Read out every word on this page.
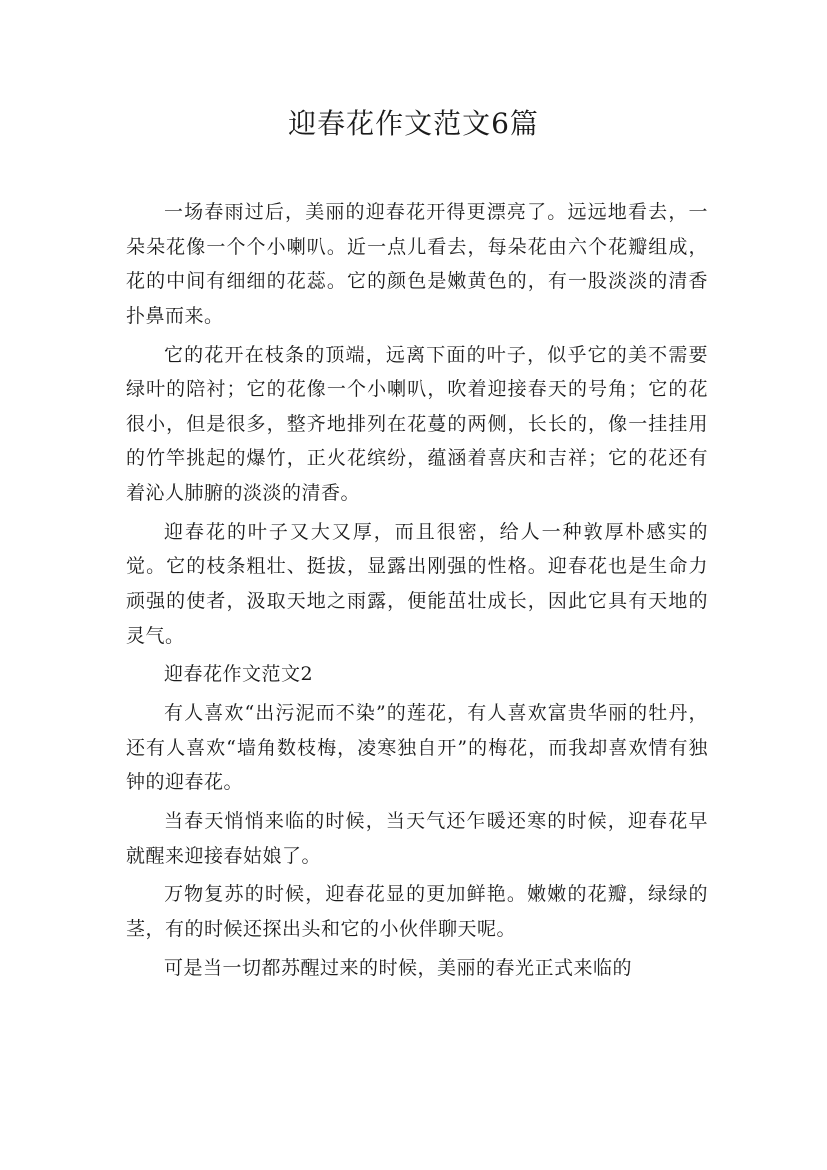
迎春花作文范文6篇

一场春雨过后，美丽的迎春花开得更漂亮了。远远地看去，一朵朵花像一个个小喇叭。近一点儿看去，每朵花由六个花瓣组成，花的中间有细细的花蕊。它的颜色是嫩黄色的，有一股淡淡的清香扑鼻而来。

它的花开在枝条的顶端，远离下面的叶子，似乎它的美不需要绿叶的陪衬；它的花像一个小喇叭，吹着迎接春天的号角；它的花很小，但是很多，整齐地排列在花蔓的两侧，长长的，像一挂挂用的竹竿挑起的爆竹，正火花缤纷，蕴涵着喜庆和吉祥；它的花还有着沁人肺腑的淡淡的清香。

迎春花的叶子又大又厚，而且很密，给人一种敦厚朴感实的觉。它的枝条粗壮、挺拔，显露出刚强的性格。迎春花也是生命力顽强的使者，汲取天地之雨露，便能茁壮成长，因此它具有天地的灵气。

迎春花作文范文2

有人喜欢“出污泥而不染”的莲花，有人喜欢富贵华丽的牡丹，还有人喜欢“墙角数枝梅，凌寒独自开”的梅花，而我却喜欢情有独钟的迎春花。

当春天悄悄来临的时候，当天气还乍暖还寒的时候，迎春花早就醒来迎接春姑娘了。

万物复苏的时候，迎春花显的更加鲜艳。嫩嫩的花瓣，绿绿的茎，有的时候还探出头和它的小伙伴聊天呢。

可是当一切都苏醒过来的时候，美丽的春光正式来临的
